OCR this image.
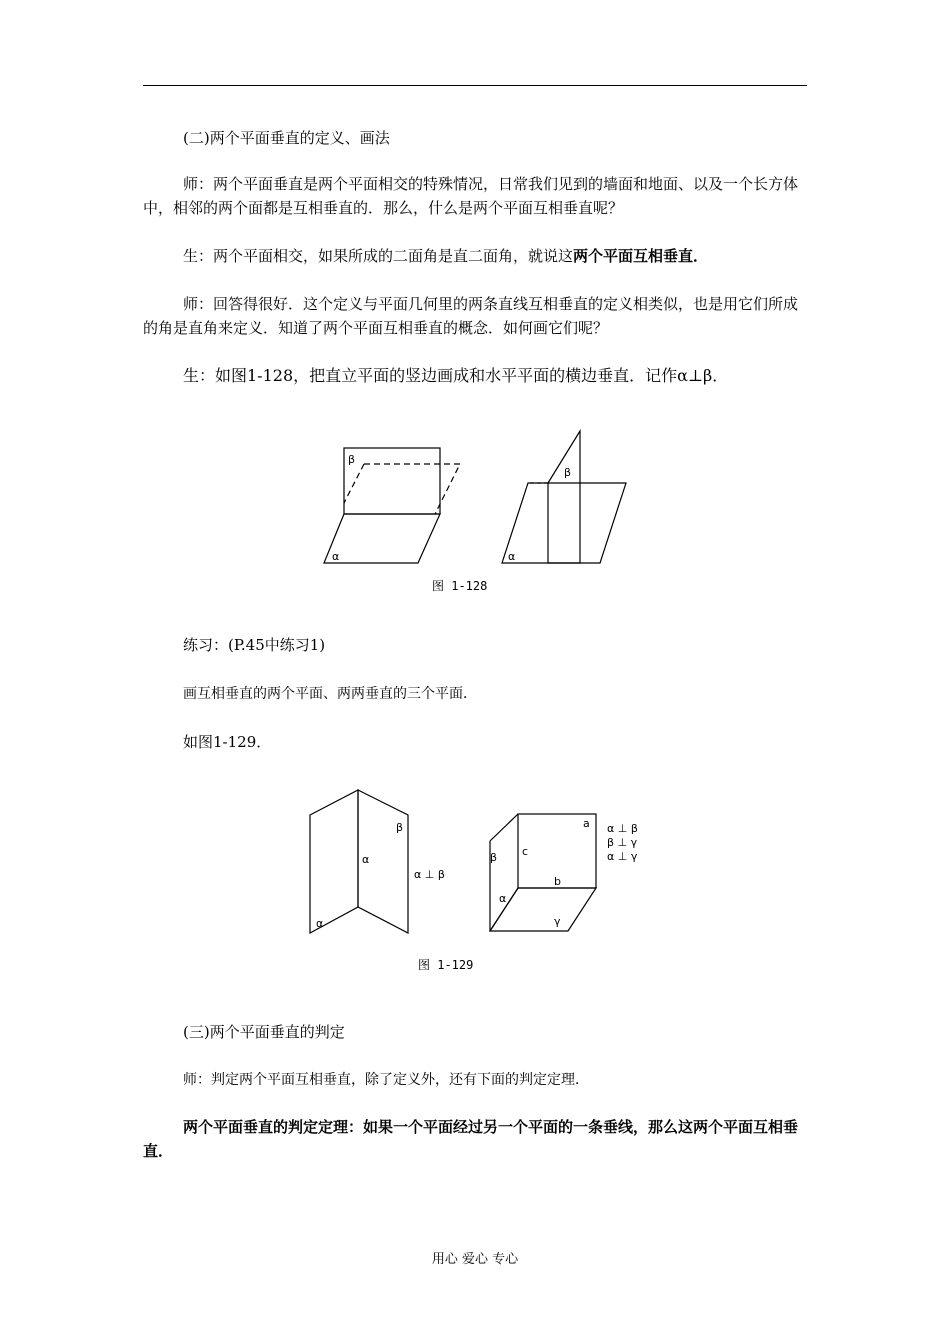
(二)两个平面垂直的定义、画法
师：两个平面垂直是两个平面相交的特殊情况，日常我们见到的墙面和地面、以及一个长方体中，相邻的两个面都是互相垂直的．那么，什么是两个平面互相垂直呢？
生：两个平面相交，如果所成的二面角是直二面角，就说这两个平面互相垂直．
师：回答得很好．这个定义与平面几何里的两条直线互相垂直的定义相类似，也是用它们所成的角是直角来定义．知道了两个平面互相垂直的概念．如何画它们呢？
生：如图1-128，把直立平面的竖边画成和水平平面的横边垂直．记作α⊥β．
β
α
β
α
图 1-128
练习：(P.45中练习1)
画互相垂直的两个平面、两两垂直的三个平面．
如图1-129．
β
α
α
α ⊥ β
a
β c
b
α
γ
α ⊥ β
β ⊥ γ
α ⊥ γ
图 1-129
(三)两个平面垂直的判定
师：判定两个平面互相垂直，除了定义外，还有下面的判定定理．
两个平面垂直的判定定理：如果一个平面经过另一个平面的一条垂线，那么这两个平面互相垂直．
用心 爱心 专心
